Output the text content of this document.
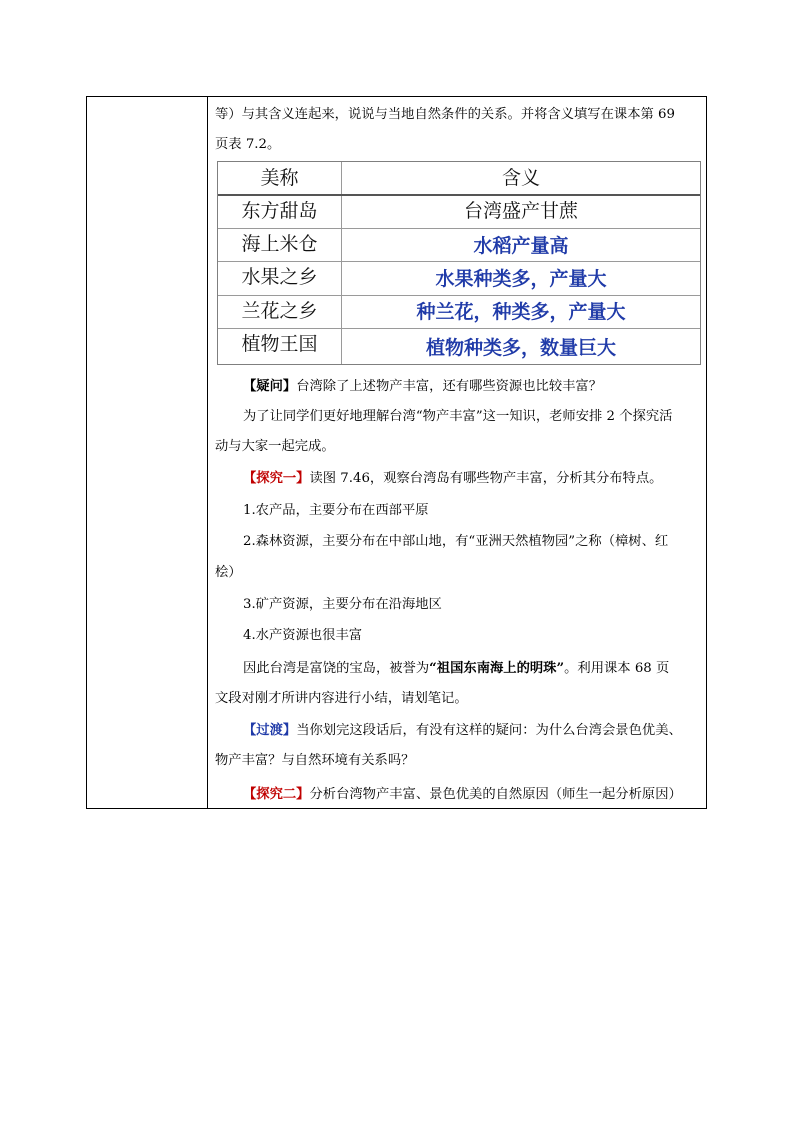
等）与其含义连起来，说说与当地自然条件的关系。并将含义填写在课本第 69
页表 7.2。
美称	含义
东方甜岛	台湾盛产甘蔗
海上米仓	水稻产量高
水果之乡	水果种类多，产量大
兰花之乡	种兰花，种类多，产量大
植物王国	植物种类多，数量巨大
【疑问】台湾除了上述物产丰富，还有哪些资源也比较丰富？
为了让同学们更好地理解台湾“物产丰富”这一知识，老师安排 2 个探究活
动与大家一起完成。
【探究一】读图 7.46，观察台湾岛有哪些物产丰富，分析其分布特点。
1.农产品，主要分布在西部平原
2.森林资源，主要分布在中部山地，有“亚洲天然植物园”之称（樟树、红
桧）
3.矿产资源，主要分布在沿海地区
4.水产资源也很丰富
因此台湾是富饶的宝岛，被誉为“祖国东南海上的明珠”。利用课本 68 页
文段对刚才所讲内容进行小结，请划笔记。
【过渡】当你划完这段话后，有没有这样的疑问：为什么台湾会景色优美、
物产丰富？与自然环境有关系吗？
【探究二】分析台湾物产丰富、景色优美的自然原因（师生一起分析原因）
